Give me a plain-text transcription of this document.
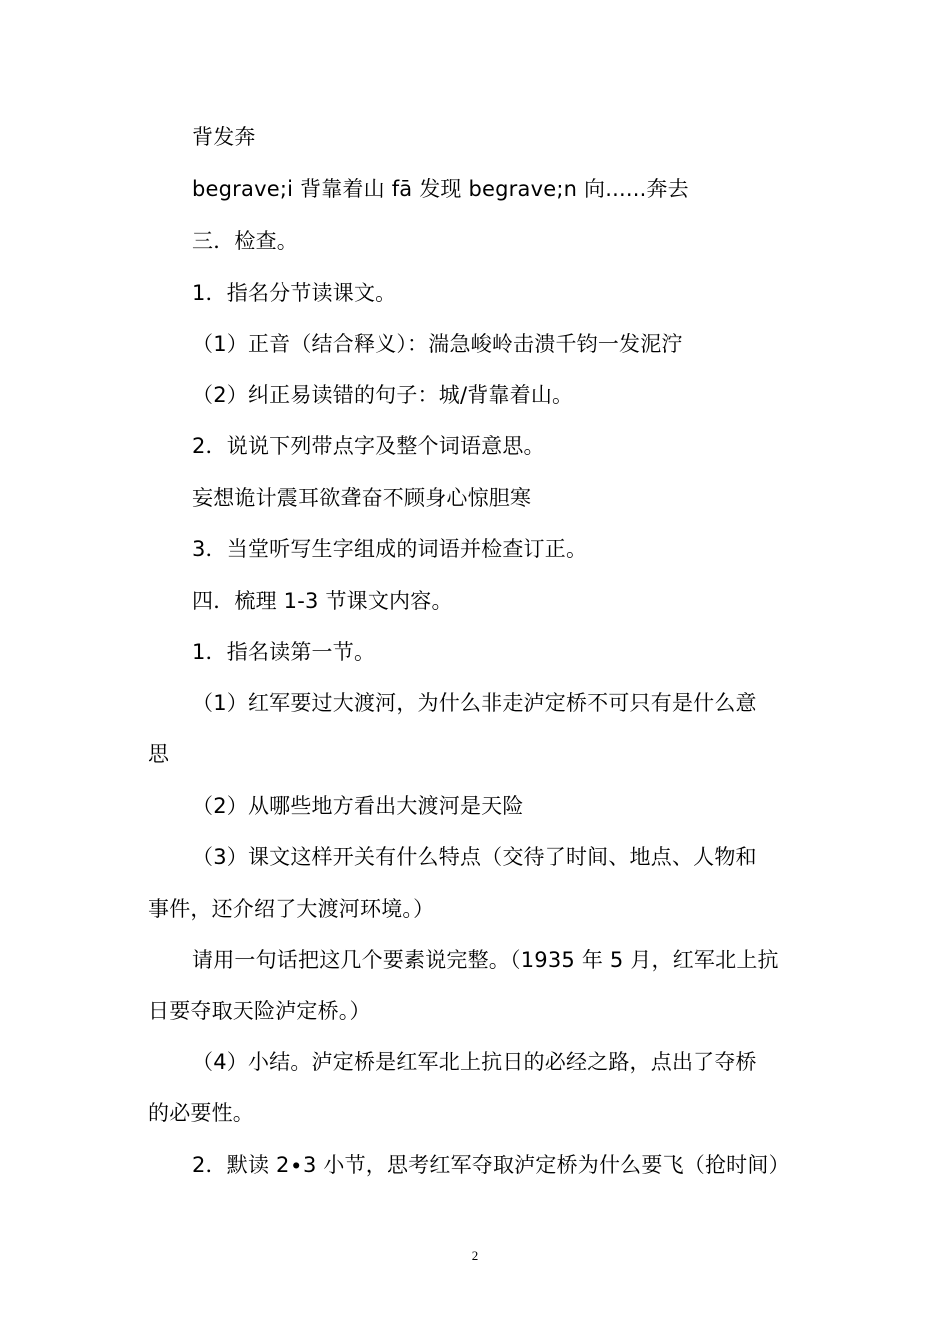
背发奔
begrave;i 背靠着山 fā 发现 begrave;n 向......奔去
三．检查。
1．指名分节读课文。
（1）正音（结合释义）：湍急峻岭击溃千钧一发泥泞
（2）纠正易读错的句子：城/背靠着山。
2．说说下列带点字及整个词语意思。
妄想诡计震耳欲聋奋不顾身心惊胆寒
3．当堂听写生字组成的词语并检查订正。
四．梳理 1-3 节课文内容。
1．指名读第一节。
（1）红军要过大渡河，为什么非走泸定桥不可只有是什么意
思
（2）从哪些地方看出大渡河是天险
（3）课文这样开关有什么特点（交待了时间、地点、人物和
事件，还介绍了大渡河环境。）
请用一句话把这几个要素说完整。（1935 年 5 月，红军北上抗
日要夺取天险泸定桥。）
（4）小结。泸定桥是红军北上抗日的必经之路，点出了夺桥
的必要性。
2．默读 2∙3 小节，思考红军夺取泸定桥为什么要飞（抢时间）
2
